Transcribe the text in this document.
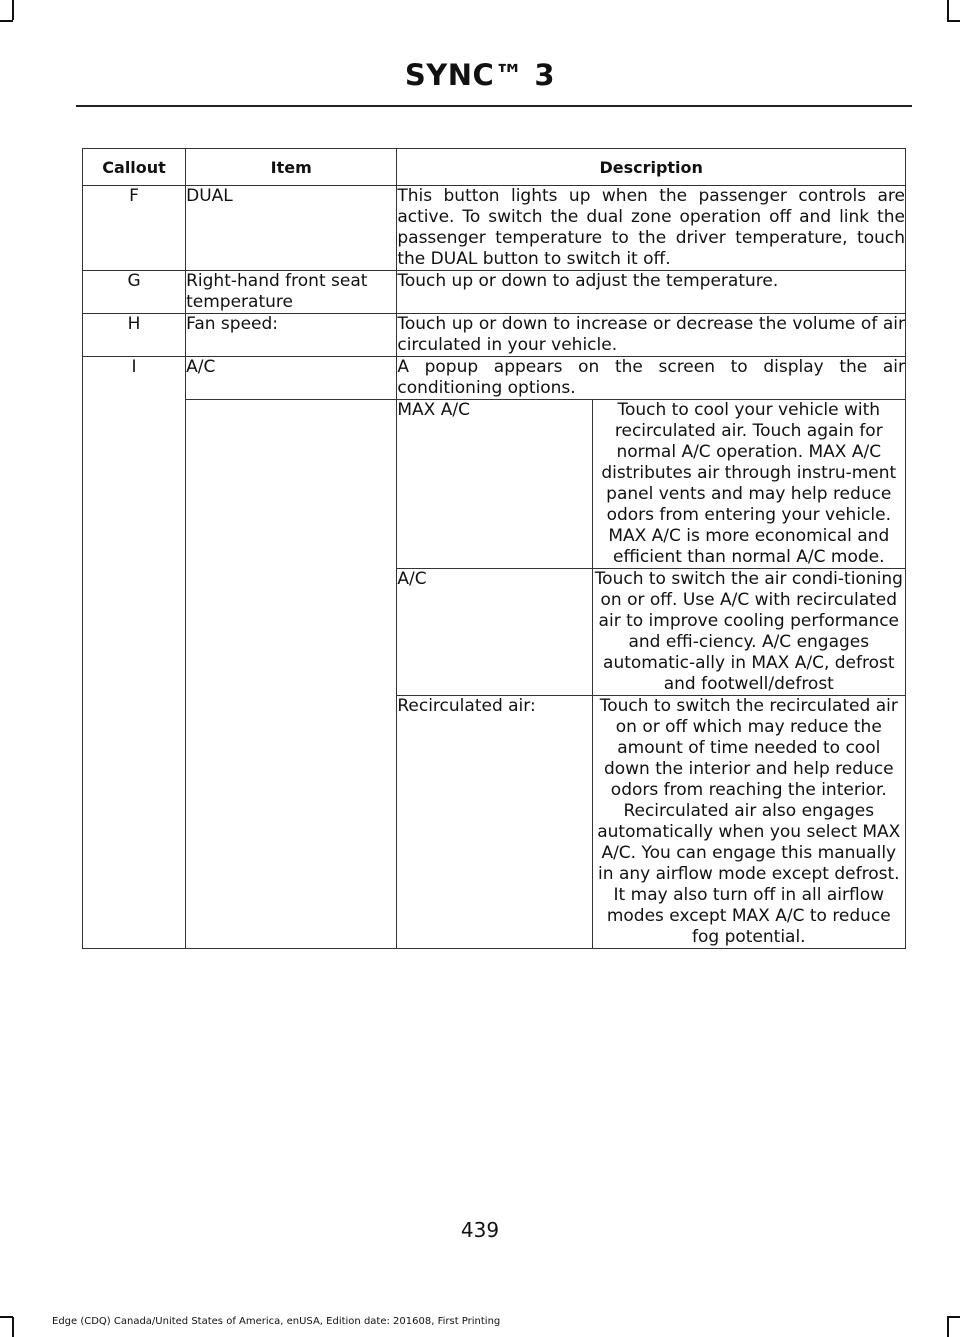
SYNC™ 3
Callout	Item	Description	
F	DUAL	This button lights up when the passenger controls are active. To switch the dual zone operation off and link the passenger temperature to the driver temperature, touch the DUAL button to switch it off.	
G	Right-hand front seat temperature	Touch up or down to adjust the temperature.	
H	Fan speed:	Touch up or down to increase or decrease the volume of air circulated in your vehicle.	
I	A/C	A popup appears on the screen to display the air conditioning options.	
		MAX A/C	Touch to cool your vehicle with recirculated air. Touch again for normal A/C operation. MAX A/C distributes air through instru-ment panel vents and may help reduce odors from entering your vehicle. MAX A/C is more economical and efficient than normal A/C mode.
		A/C	Touch to switch the air condi-tioning on or off. Use A/C with recirculated air to improve cooling performance and effi-ciency. A/C engages automatic-ally in MAX A/C, defrost and footwell/defrost
		Recirculated air:	Touch to switch the recirculated air on or off which may reduce the amount of time needed to cool down the interior and help reduce odors from reaching the interior. Recirculated air also engages automatically when you select MAX A/C. You can engage this manually in any airflow mode except defrost. It may also turn off in all airflow modes except MAX A/C to reduce fog potential.
439
Edge (CDQ) Canada/United States of America, enUSA, Edition date: 201608, First Printing
